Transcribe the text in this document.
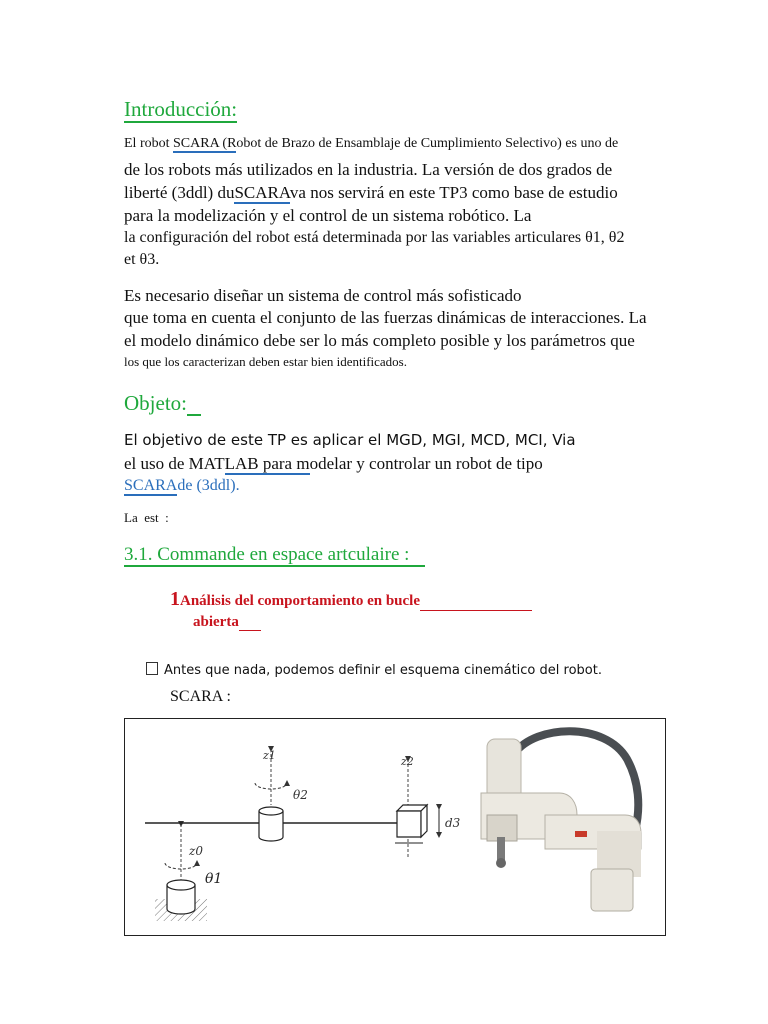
Introducción:
El robot SCARA (Robot de Brazo de Ensamblaje de Cumplimiento Selectivo) es uno de
de los robots más utilizados en la industria. La versión de dos grados de
liberté (3ddl) duSCARAva nos servirá en este TP3 como base de estudio
para la modelización y el control de un sistema robótico. La
la configuración del robot está determinada por las variables articulares θ1, θ2
et θ3.
Es necesario diseñar un sistema de control más sofisticado
que toma en cuenta el conjunto de las fuerzas dinámicas de interacciones. La
el modelo dinámico debe ser lo más completo posible y los parámetros que
los que los caracterizan deben estar bien identificados.
Objeto:
El objetivo de este TP es aplicar el MGD, MGI, MCD, MCI, Via
el uso de MATLAB para modelar y controlar un robot de tipo
SCARAde (3ddl).
La  est  :
3.1. Commande en espace artculaire :
1Análisis del comportamiento en bucle
abierta
Antes que nada, podemos definir el esquema cinemático del robot.
SCARA :
z0
θ1
z1
θ2
z2
d3
